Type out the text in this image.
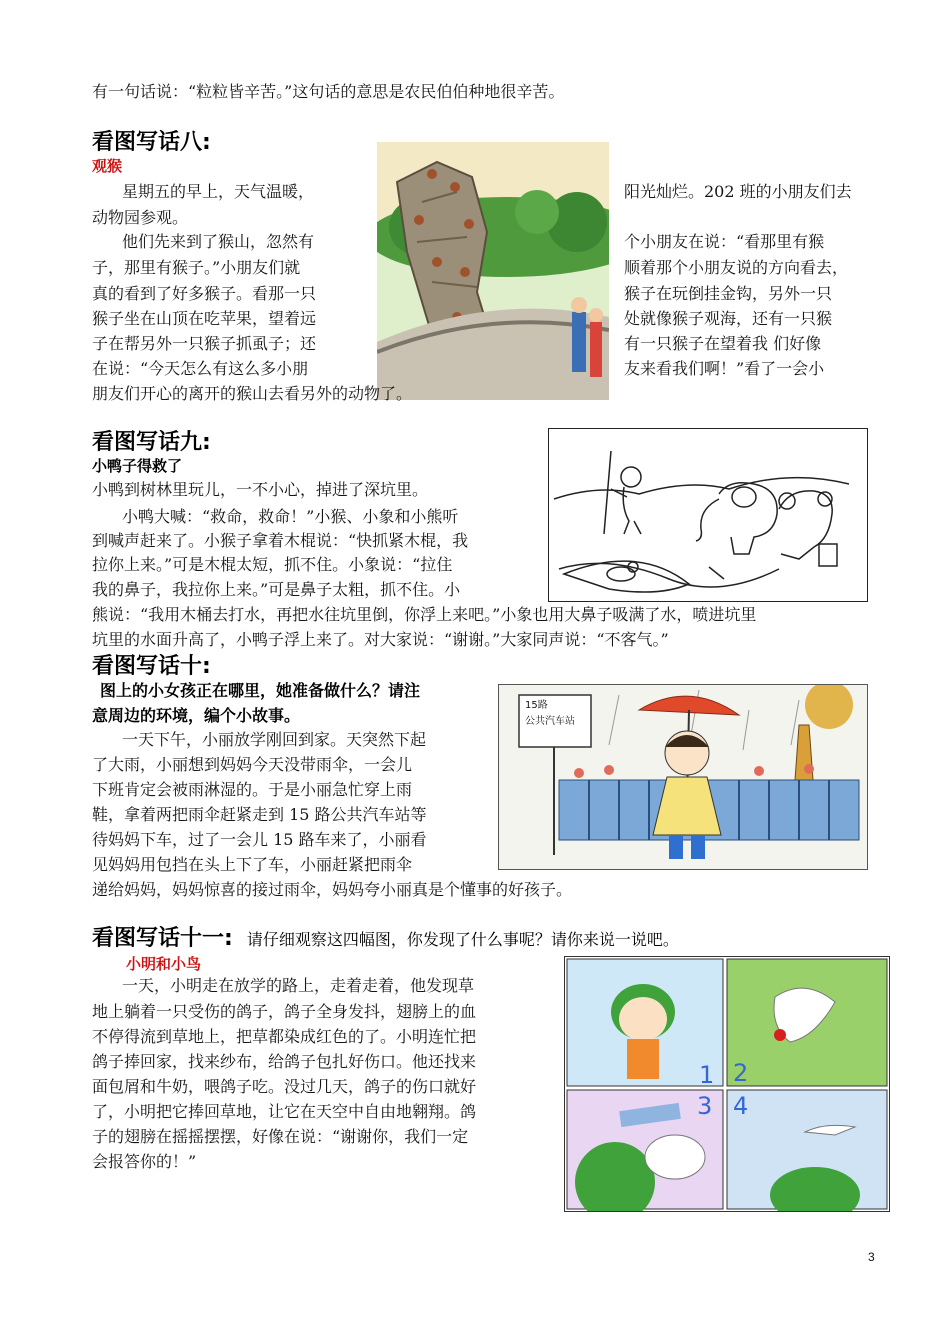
有一句话说：“粒粒皆辛苦。”这句话的意思是农民伯伯种地很辛苦。
看图写话八:
观猴
星期五的早上，天气温暖，	阳光灿烂。202 班的小朋友们去
动物园参观。
他们先来到了猴山，忽然有	个小朋友在说：“看那里有猴
子，那里有猴子。”小朋友们就	顺着那个小朋友说的方向看去，
真的看到了好多猴子。看那一只	猴子在玩倒挂金钩，另外一只
猴子坐在山顶在吃苹果，望着远	处就像猴子观海，还有一只猴
子在帮另外一只猴子抓虱子；还	有一只猴子在望着我 们好像
在说：“今天怎么有这么多小朋	友来看我们啊！”看了一会小
朋友们开心的离开的猴山去看另外的动物了。
看图写话九:
小鸭子得救了
小鸭到树林里玩儿，一不小心，掉进了深坑里。
小鸭大喊：“救命，救命！”小猴、小象和小熊听
到喊声赶来了。小猴子拿着木棍说：“快抓紧木棍，我
拉你上来。”可是木棍太短，抓不住。小象说：“拉住
我的鼻子，我拉你上来。”可是鼻子太粗，抓不住。小
熊说：“我用木桶去打水，再把水往坑里倒，你浮上来吧。”小象也用大鼻子吸满了水，喷进坑里
坑里的水面升高了，小鸭子浮上来了。对大家说：“谢谢。”大家同声说：“不客气。”
看图写话十:
图上的小女孩正在哪里，她准备做什么？请注
意周边的环境，编个小故事。
15路
公共汽车站
一天下午，小丽放学刚回到家。天突然下起
了大雨，小丽想到妈妈今天没带雨伞，一会儿
下班肯定会被雨淋湿的。于是小丽急忙穿上雨
鞋，拿着两把雨伞赶紧走到 15 路公共汽车站等
待妈妈下车，过了一会儿 15 路车来了，小丽看
见妈妈用包挡在头上下了车，小丽赶紧把雨伞
递给妈妈，妈妈惊喜的接过雨伞，妈妈夸小丽真是个懂事的好孩子。
看图写话十一: 请仔细观察这四幅图，你发现了什么事呢？请你来说一说吧。
小明和小鸟
1 2
3 4
一天，小明走在放学的路上，走着走着，他发现草
地上躺着一只受伤的鸽子，鸽子全身发抖，翅膀上的血
不停得流到草地上，把草都染成红色的了。小明连忙把
鸽子捧回家，找来纱布，给鸽子包扎好伤口。他还找来
面包屑和牛奶，喂鸽子吃。没过几天，鸽子的伤口就好
了，小明把它捧回草地，让它在天空中自由地翱翔。鸽
子的翅膀在摇摇摆摆，好像在说：“谢谢你，我们一定
会报答你的！”
3
